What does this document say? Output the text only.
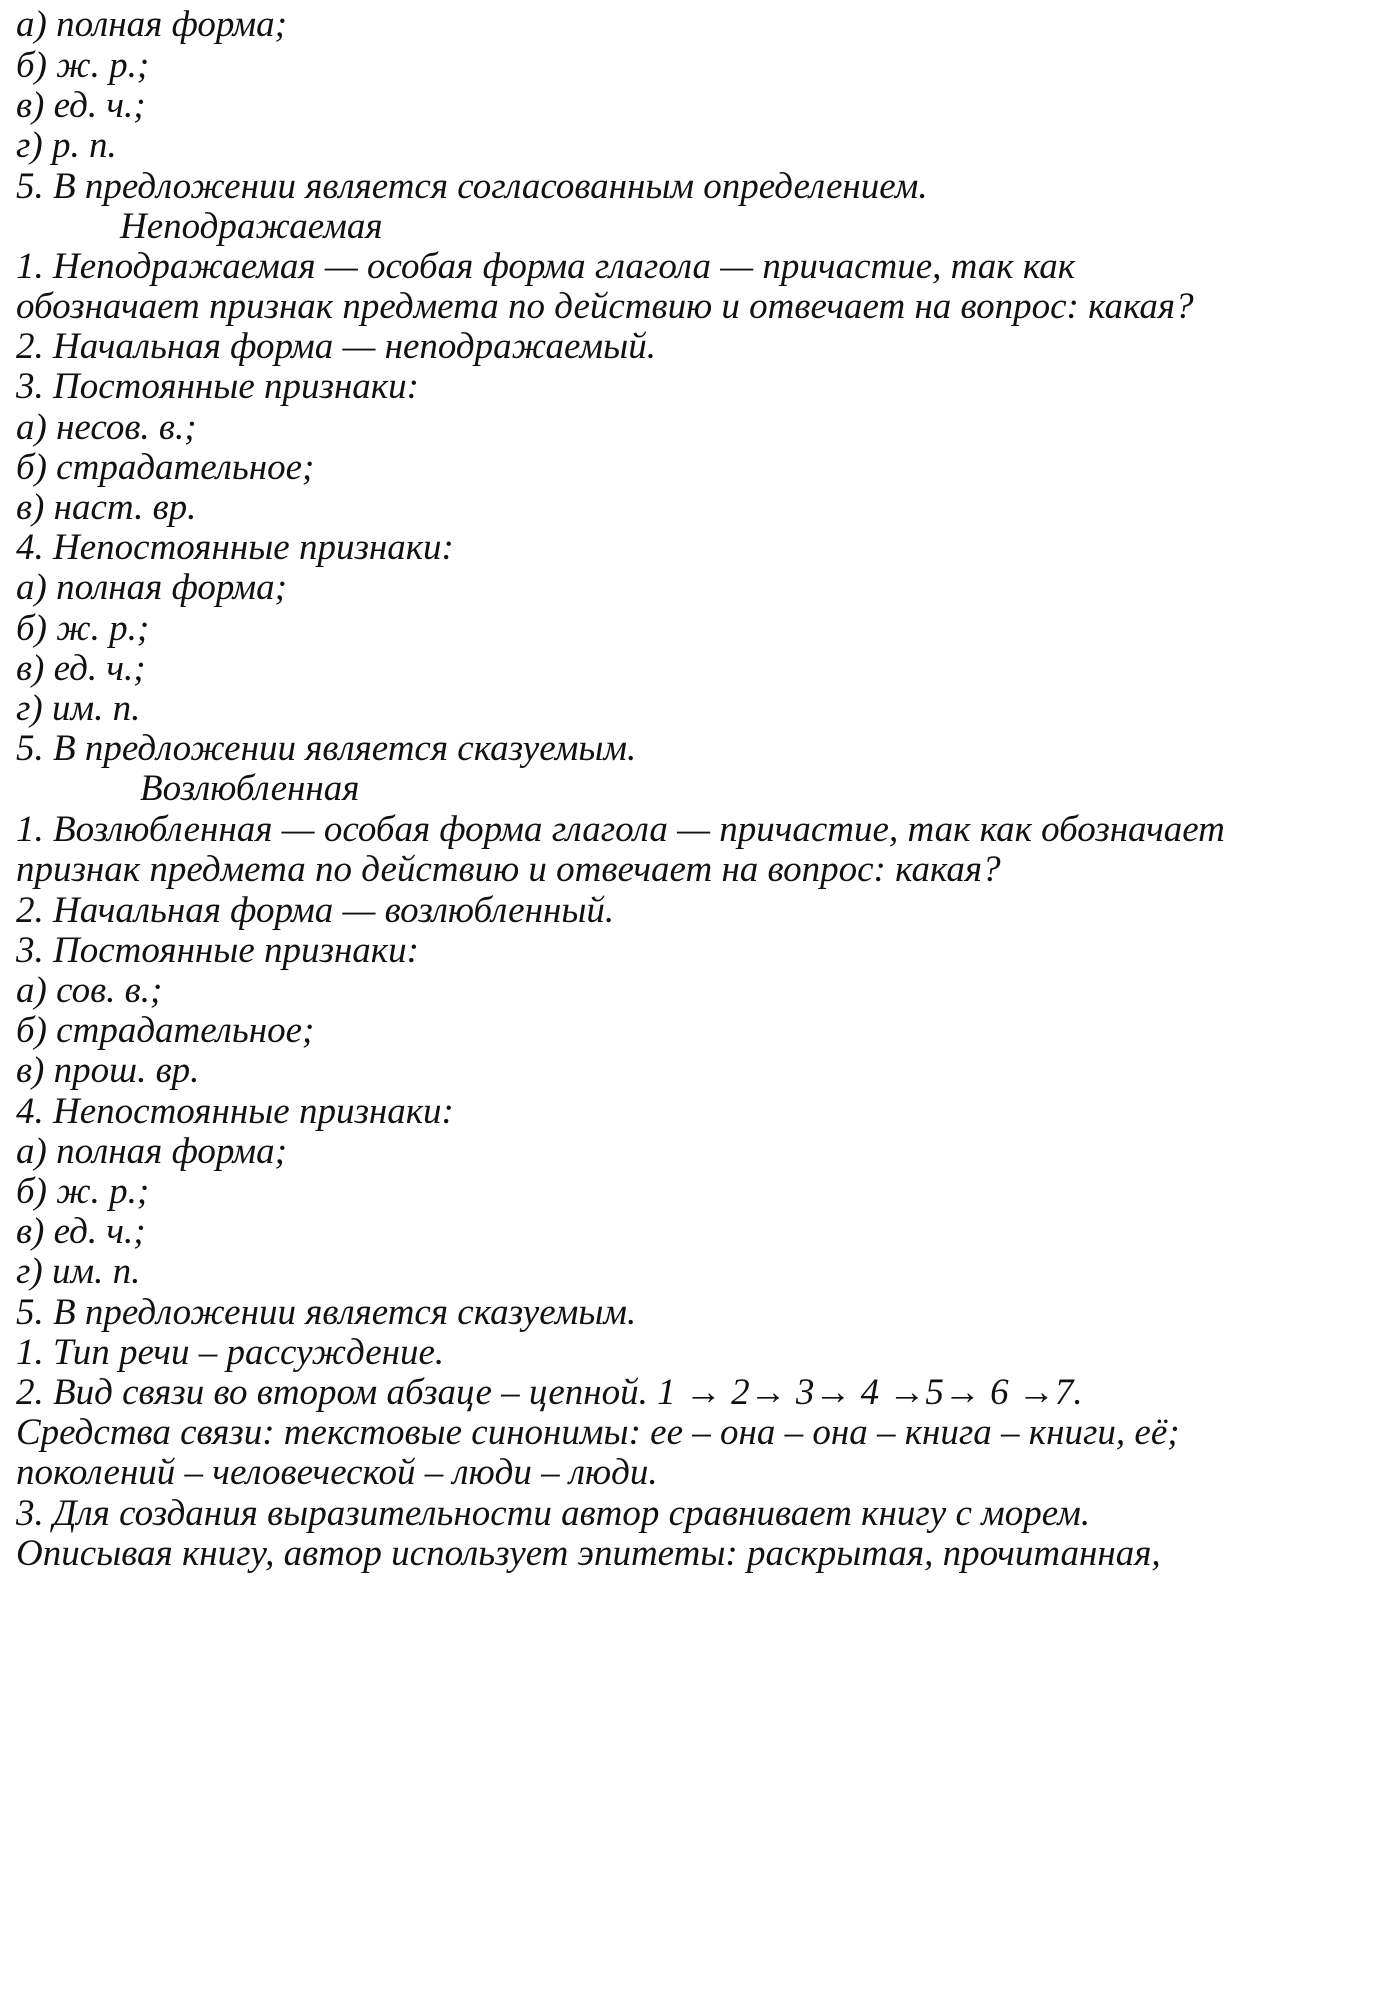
а) полная форма;
б) ж. р.;
в) ед. ч.;
г) р. п.
5. В предложении является согласованным определением.
Неподражаемая
1. Неподражаемая — особая форма глагола — причастие, так как
обозначает признак предмета по действию и отвечает на вопрос: какая?
2. Начальная форма — неподражаемый.
3. Постоянные признаки:
а) несов. в.;
б) страдательное;
в) наст. вр.
4. Непостоянные признаки:
а) полная форма;
б) ж. р.;
в) ед. ч.;
г) им. п.
5. В предложении является сказуемым.
Возлюбленная
1. Возлюбленная — особая форма глагола — причастие, так как обозначает
признак предмета по действию и отвечает на вопрос: какая?
2. Начальная форма — возлюбленный.
3. Постоянные признаки:
а) сов. в.;
б) страдательное;
в) прош. вр.
4. Непостоянные признаки:
а) полная форма;
б) ж. р.;
в) ед. ч.;
г) им. п.
5. В предложении является сказуемым.
1. Тип речи – рассуждение.
2. Вид связи во втором абзаце – цепной. 1 → 2→ 3→ 4 →5→ 6 →7.
Средства связи: текстовые синонимы: ее – она – она – книга – книги, её;
поколений – человеческой – люди – люди.
3. Для создания выразительности автор сравнивает книгу с морем.
Описывая книгу, автор использует эпитеты: раскрытая, прочитанная,
